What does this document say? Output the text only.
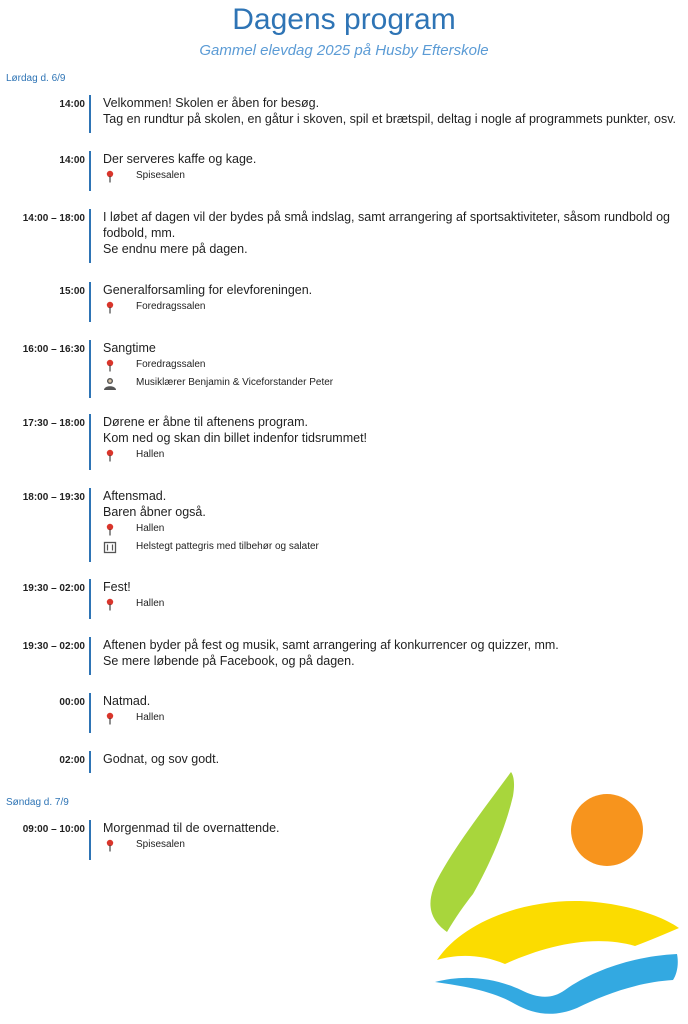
Dagens program
Gammel elevdag 2025 på Husby Efterskole
Lørdag d. 6/9
14:00 Velkommen! Skolen er åben for besøg.
Tag en rundtur på skolen, en gåtur i skoven, spil et brætspil, deltag i nogle af programmets punkter, osv.
14:00 Der serveres kaffe og kage.
Spisesalen
14:00 – 18:00 I løbet af dagen vil der bydes på små indslag, samt arrangering af sportsaktiviteter, såsom rundbold og
fodbold, mm.
Se endnu mere på dagen.
15:00 Generalforsamling for elevforeningen.
Foredragssalen
16:00 – 16:30 Sangtime
Foredragssalen
Musiklærer Benjamin & Viceforstander Peter
17:30 – 18:00 Dørene er åbne til aftenens program.
Kom ned og skan din billet indenfor tidsrummet!
Hallen
18:00 – 19:30 Aftensmad.
Baren åbner også.
Hallen
Helstegt pattegris med tilbehør og salater
19:30 – 02:00 Fest!
Hallen
19:30 – 02:00 Aftenen byder på fest og musik, samt arrangering af konkurrencer og quizzer, mm.
Se mere løbende på Facebook, og på dagen.
00:00 Natmad.
Hallen
02:00 Godnat, og sov godt.
Søndag d. 7/9
09:00 – 10:00 Morgenmad til de overnattende.
Spisesalen
